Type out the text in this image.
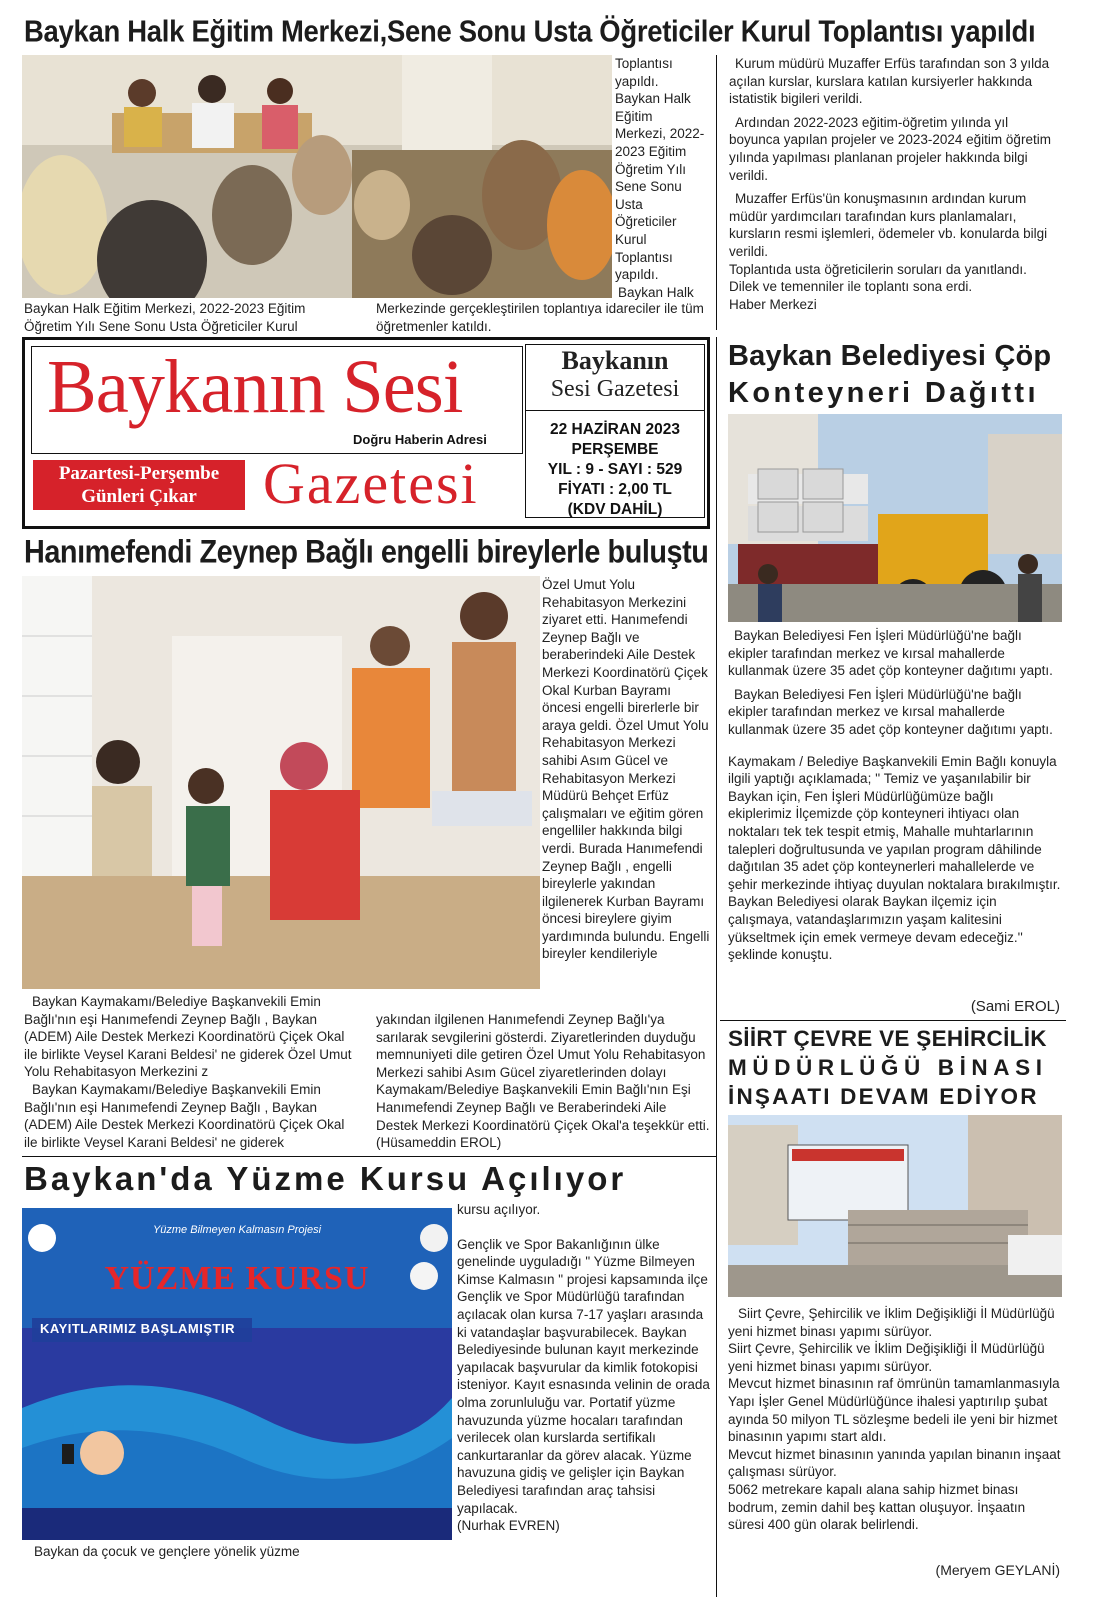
Baykan Halk Eğitim Merkezi,Sene Sonu Usta Öğreticiler Kurul Toplantısı yapıldı
Toplantısı yapıldı. Baykan Halk Eğitim Merkezi, 2022-2023 Eğitim Öğretim Yılı Sene Sonu Usta Öğreticiler Kurul Toplantısı yapıldı.
Baykan Halk
Baykan Halk Eğitim Merkezi, 2022-2023 Eğitim Öğretim Yılı Sene Sonu Usta Öğreticiler Kurul
Merkezinde gerçekleştirilen toplantıya idareciler ile tüm öğretmenler katıldı.

Kurum müdürü Muzaffer Erfüs tarafından son 3 yılda açılan kurslar, kurslara katılan kursiyerler hakkında istatistik bigileri verildi.

Ardından 2022-2023 eğitim-öğretim yılında yıl boyunca yapılan projeler ve 2023-2024 eğitim öğretim yılında yapılması planlanan projeler hakkında bilgi verildi.

Muzaffer Erfüs'ün konuşmasının ardından kurum müdür yardımcıları tarafından kurs planlamaları, kursların resmi işlemleri, ödemeler vb. konularda bilgi verildi.

Toplantıda usta öğreticilerin soruları da yanıtlandı.
Dilek ve temenniler ile toplantı sona erdi.
Haber Merkezi
Baykanın Sesi
Doğru Haberin Adresi
Pazartesi-Perşembe
Günleri Çıkar	Gazetesi
Baykanın
Sesi Gazetesi
22 HAZİRAN 2023
PERŞEMBE
YIL : 9 - SAYI : 529
FİYATI : 2,00 TL
(KDV DAHİL)
Hanımefendi Zeynep Bağlı engelli bireylerle buluştu
Özel Umut Yolu Rehabitasyon Merkezini ziyaret etti. Hanımefendi Zeynep Bağlı ve beraberindeki Aile Destek Merkezi Koordinatörü Çiçek Okal Kurban Bayramı öncesi engelli birerlerle bir araya geldi. Özel Umut Yolu Rehabitasyon Merkezi sahibi Asım Gücel ve Rehabitasyon Merkezi Müdürü Behçet Erfüz çalışmaları ve eğitim gören engelliler hakkında bilgi verdi. Burada Hanımefendi Zeynep Bağlı , engelli bireylerle yakından ilgilenerek Kurban Bayramı öncesi bireylere giyim yardımında bulundu. Engelli bireyler kendileriyle
Baykan Kaymakamı/Belediye Başkanvekili Emin Bağlı'nın eşi Hanımefendi Zeynep Bağlı , Baykan (ADEM) Aile Destek Merkezi Koordinatörü Çiçek Okal ile birlikte Veysel Karani Beldesi' ne giderek Özel Umut Yolu Rehabitasyon Merkezini z
Baykan Kaymakamı/Belediye Başkanvekili Emin Bağlı'nın eşi Hanımefendi Zeynep Bağlı , Baykan (ADEM) Aile Destek Merkezi Koordinatörü Çiçek Okal ile birlikte Veysel Karani Beldesi' ne giderek
yakından ilgilenen Hanımefendi Zeynep Bağlı'ya sarılarak sevgilerini gösterdi. Ziyaretlerinden duyduğu memnuniyeti dile getiren Özel Umut Yolu Rehabitasyon Merkezi sahibi Asım Gücel ziyaretlerinden dolayı Kaymakam/Belediye Başkanvekili Emin Bağlı'nın Eşi Hanımefendi Zeynep Bağlı ve Beraberindeki Aile Destek Merkezi Koordinatörü Çiçek Okal'a teşekkür etti.
(Hüsameddin EROL)
Baykan Belediyesi Çöp
Konteyneri Dağıttı

Baykan Belediyesi Fen İşleri Müdürlüğü'ne bağlı ekipler tarafından merkez ve kırsal mahallerde kullanmak üzere 35 adet çöp konteyner dağıtımı yaptı.

Baykan Belediyesi Fen İşleri Müdürlüğü'ne bağlı ekipler tarafından merkez ve kırsal mahallerde kullanmak üzere 35 adet çöp konteyner dağıtımı yaptı.

Kaymakam / Belediye Başkanvekili Emin Bağlı konuyla ilgili yaptığı açıklamada; '' Temiz ve yaşanılabilir bir Baykan için, Fen İşleri Müdürlüğümüze bağlı ekiplerimiz İlçemizde çöp konteyneri ihtiyacı olan noktaları tek tek tespit etmiş, Mahalle muhtarlarının talepleri doğrultusunda ve yapılan program dâhilinde dağıtılan 35 adet çöp konteynerleri mahallelerde ve şehir merkezinde ihtiyaç duyulan noktalara bırakılmıştır. Baykan Belediyesi olarak Baykan ilçemiz için çalışmaya, vatandaşlarımızın yaşam kalitesini yükseltmek için emek vermeye devam edeceğiz.'' şeklinde konuştu.

(Sami EROL)
SİİRT ÇEVRE VE ŞEHİRCİLİK
MÜDÜRLÜĞÜ BİNASI
İNŞAATI DEVAM EDİYOR
Siirt Çevre, Şehircilik ve İklim Değişikliği İl Müdürlüğü yeni hizmet binası yapımı sürüyor.
Siirt Çevre, Şehircilik ve İklim Değişikliği İl Müdürlüğü yeni hizmet binası yapımı sürüyor.
Mevcut hizmet binasının raf ömrünün tamamlanmasıyla Yapı İşler Genel Müdürlüğünce ihalesi yaptırılıp şubat ayında 50 milyon TL sözleşme bedeli ile yeni bir hizmet binasının yapımı start aldı.
Mevcut hizmet binasının yanında yapılan binanın inşaat çalışması sürüyor.
5062 metrekare kapalı alana sahip hizmet binası bodrum, zemin dahil beş kattan oluşuyor. İnşaatın süresi 400 gün olarak belirlendi.
(Meryem GEYLANİ)
Baykan'da Yüzme Kursu Açılıyor
Yüzme Bilmeyen Kalmasın Projesi
YÜZME KURSU
KAYITLARIMIZ BAŞLAMIŞTIR
Baykan da çocuk ve gençlere yönelik yüzme
kursu açılıyor.
Gençlik ve Spor Bakanlığının ülke genelinde uyguladığı " Yüzme Bilmeyen Kimse Kalmasın " projesi kapsamında ilçe Gençlik ve Spor Müdürlüğü tarafından açılacak olan kursa 7-17 yaşları arasında ki vatandaşlar başvurabilecek. Baykan Belediyesinde bulunan kayıt merkezinde yapılacak başvurular da kimlik fotokopisi isteniyor. Kayıt esnasında velinin de orada olma zorunluluğu var. Portatif yüzme havuzunda yüzme hocaları tarafından verilecek olan kurslarda sertifikalı cankurtaranlar da görev alacak. Yüzme havuzuna gidiş ve gelişler için Baykan Belediyesi tarafından araç tahsisi yapılacak.
(Nurhak EVREN)
